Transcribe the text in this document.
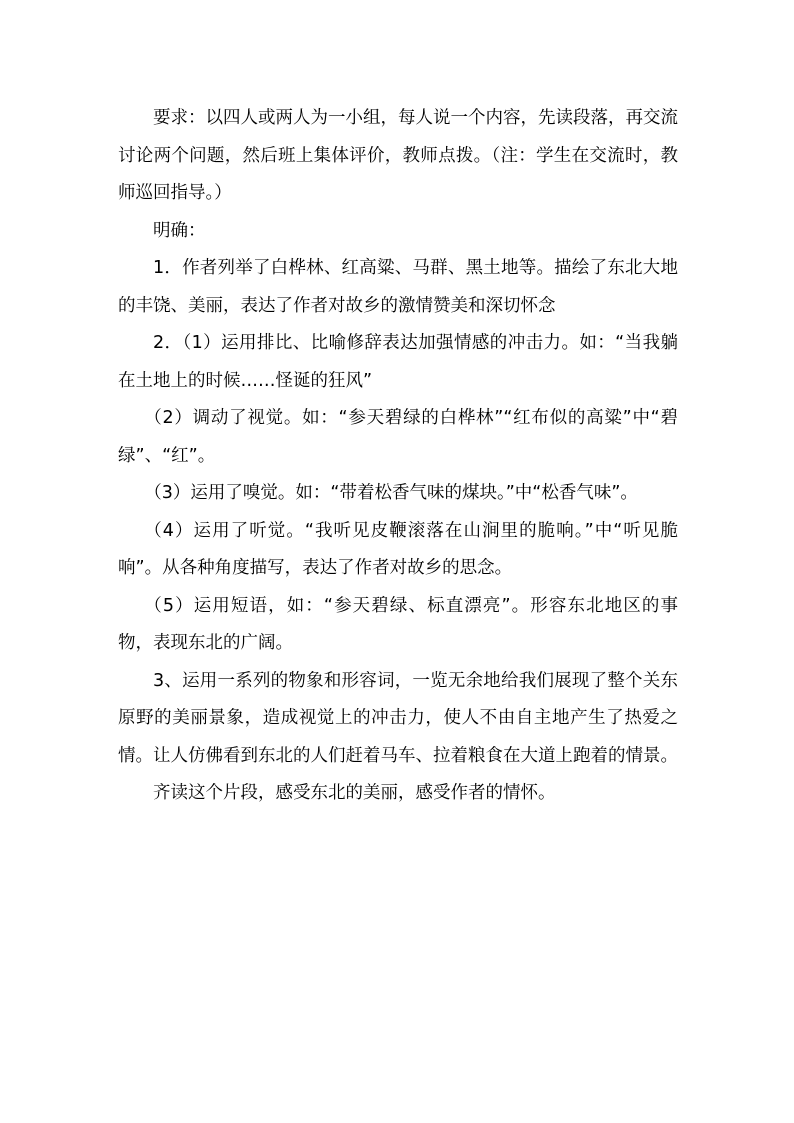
要求：以四人或两人为一小组，每人说一个内容，先读段落，再交流讨论两个问题，然后班上集体评价，教师点拨。（注：学生在交流时，教师巡回指导。）

明确：

1．作者列举了白桦林、红高粱、马群、黑土地等。描绘了东北大地的丰饶、美丽，表达了作者对故乡的激情赞美和深切怀念

2．（1）运用排比、比喻修辞表达加强情感的冲击力。如：“当我躺在土地上的时候……怪诞的狂风”

（2）调动了视觉。如：“参天碧绿的白桦林”“红布似的高粱”中“碧绿”、“红”。

（3）运用了嗅觉。如：“带着松香气味的煤块。”中“松香气味”。

（4）运用了听觉。“我听见皮鞭滚落在山涧里的脆响。”中“听见脆响”。从各种角度描写，表达了作者对故乡的思念。

（5）运用短语，如：“参天碧绿、标直漂亮”。形容东北地区的事物，表现东北的广阔。

3、运用一系列的物象和形容词，一览无余地给我们展现了整个关东原野的美丽景象，造成视觉上的冲击力，使人不由自主地产生了热爱之情。让人仿佛看到东北的人们赶着马车、拉着粮食在大道上跑着的情景。

齐读这个片段，感受东北的美丽，感受作者的情怀。
